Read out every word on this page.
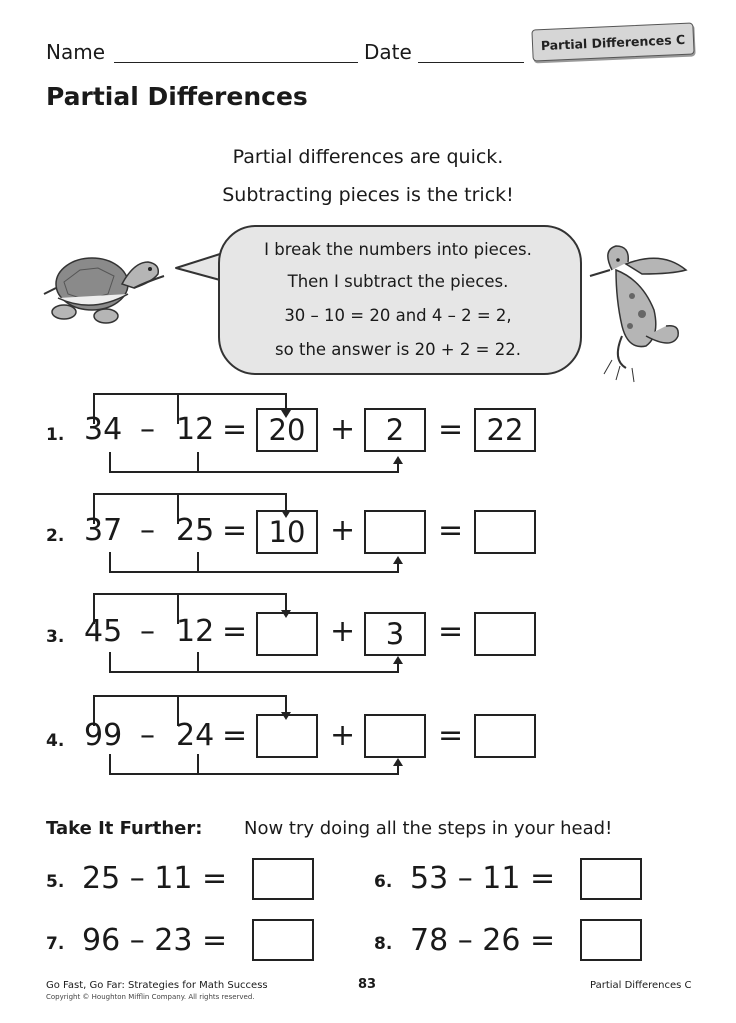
Name	Date	Partial Differences C
Partial Differences
Partial differences are quick.
Subtracting pieces is the trick!
I break the numbers into pieces.
Then I subtract the pieces.
30 – 10 = 20 and 4 – 2 = 2,
so the answer is 20 + 2 = 22.
1. 34 – 12 = 20 +	2	= 22
2. 37 – 25 = 10 +	=
3. 45 – 12 =	+	3	=
4. 99 – 24 =	+	=
Take It Further: Now try doing all the steps in your head!
5. 25 – 11 =	6. 53 – 11 =
7. 96 – 23 =	8. 78 – 26 =
Go Fast, Go Far: Strategies for Math Success
Copyright © Houghton Mifflin Company. All rights reserved.
83	Partial Differences C
